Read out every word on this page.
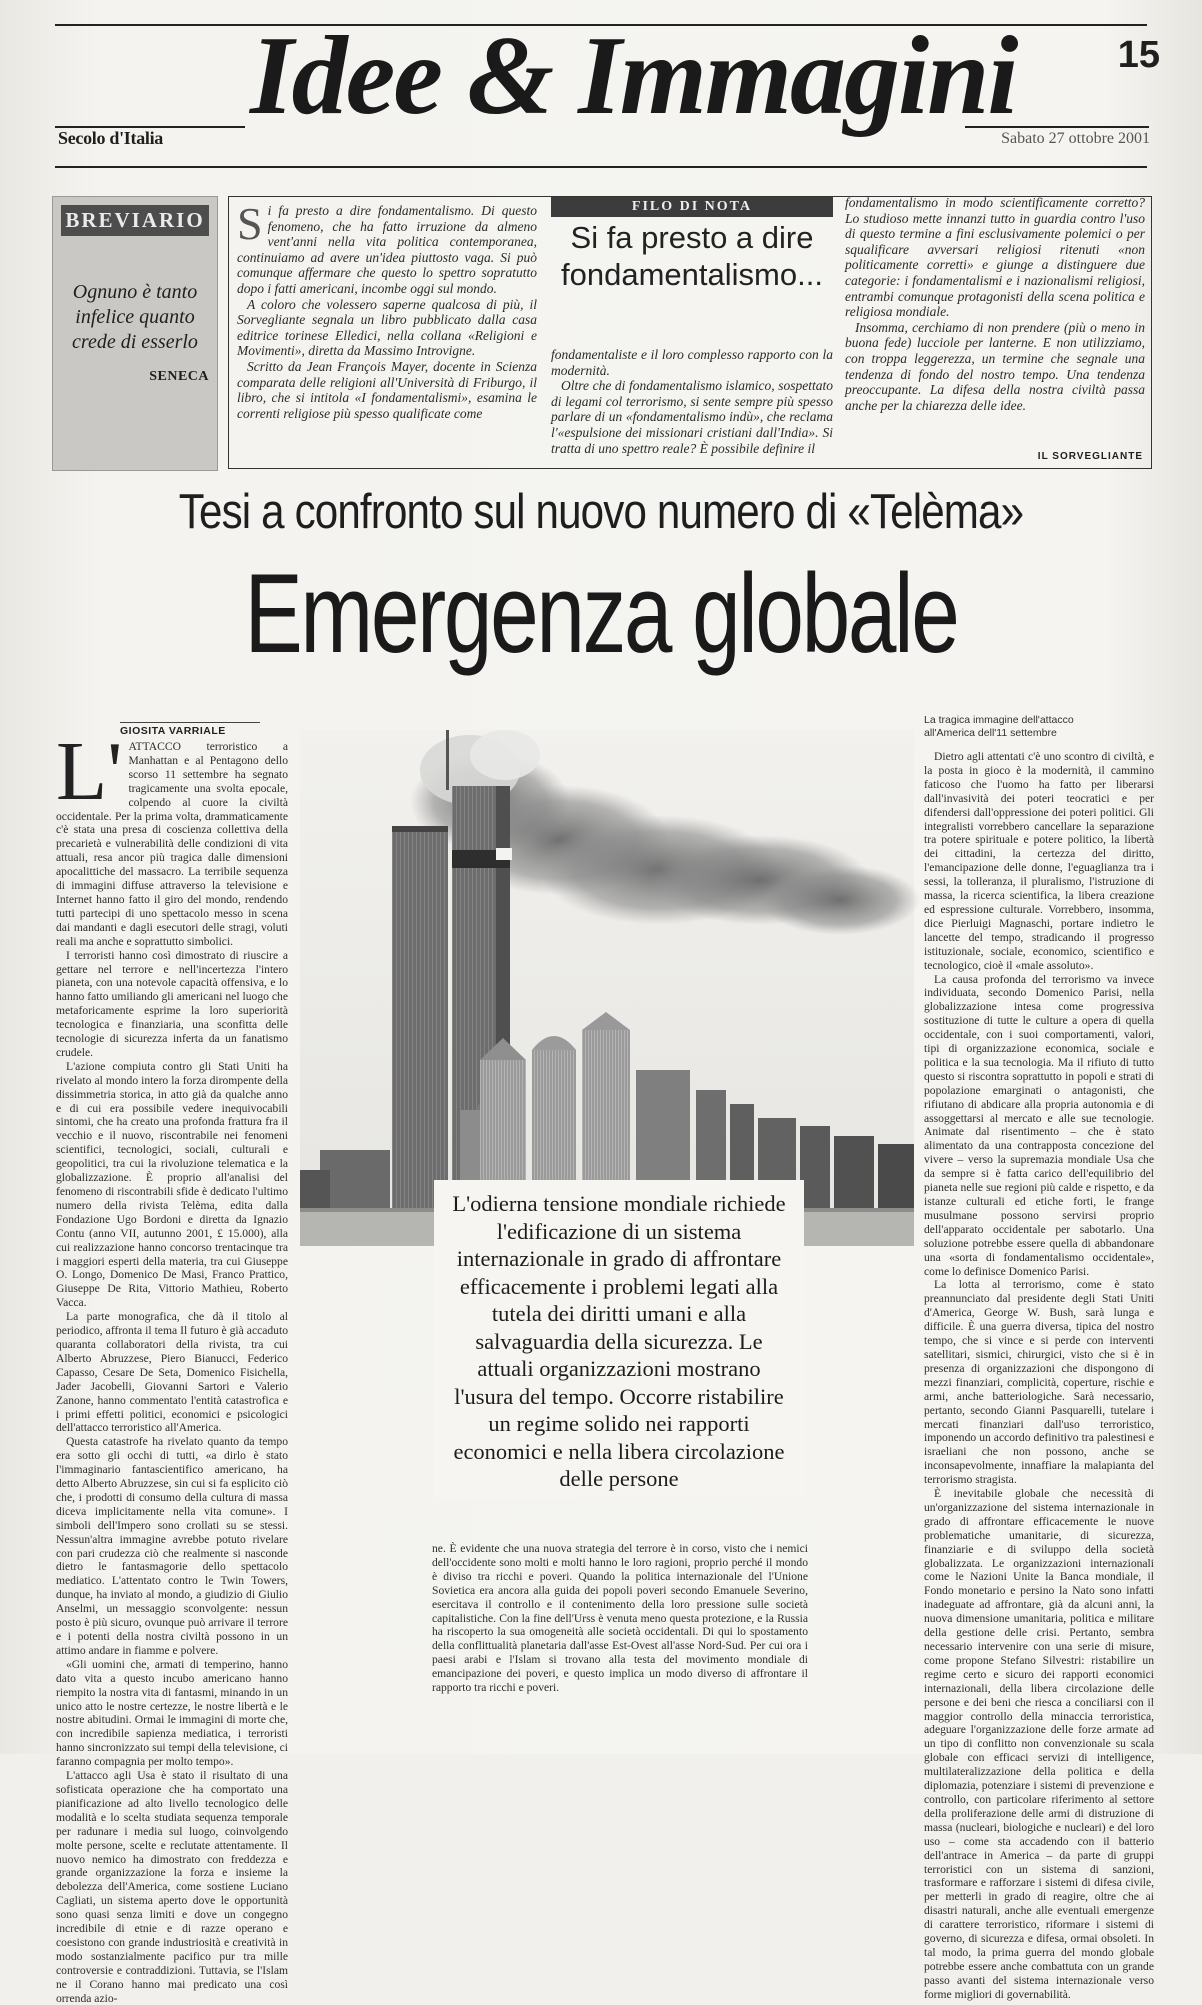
Idee & Immagini	15
Secolo d'Italia	Sabato 27 ottobre 2001
BREVIARIO
Ognuno è tanto infelice quanto crede di esserlo
SENECA
S i fa presto a dire fondamentalismo. Di questo fenomeno, che ha fatto irruzione da almeno vent'anni nella vita politica contemporanea, continuiamo ad avere un'idea piuttosto vaga. Si può comunque affermare che questo lo spettro sopratutto dopo i fatti americani, incombe oggi sul mondo.

A coloro che volessero saperne qualcosa di più, il Sorvegliante segnala un libro pubblicato dalla casa editrice torinese Elledici, nella collana «Religioni e Movimenti», diretta da Massimo Introvigne.

Scritto da Jean François Mayer, docente in Scienza comparata delle religioni all'Università di Friburgo, il libro, che si intitola «I fondamentalismi», esamina le correnti religiose più spesso qualificate come

FILO DI NOTA
Si fa presto a dire fondamentalismo...

fondamentaliste e il loro complesso rapporto con la modernità.

Oltre che di fondamentalismo islamico, sospettato di legami col terrorismo, si sente sempre più spesso parlare di un «fondamentalismo indù», che reclama l'«espulsione dei missionari cristiani dall'India». Si tratta di uno spettro reale? È possibile definire il

fondamentalismo in modo scientificamente corretto? Lo studioso mette innanzi tutto in guardia contro l'uso di questo termine a fini esclusivamente polemici o per squalificare avversari religiosi ritenuti «non politicamente corretti» e giunge a distinguere due categorie: i fondamentalismi e i nazionalismi religiosi, entrambi comunque protagonisti della scena politica e religiosa mondiale.

Insomma, cerchiamo di non prendere (più o meno in buona fede) lucciole per lanterne. E non utilizziamo, con troppa leggerezza, un termine che segnale una tendenza di fondo del nostro tempo. Una tendenza preoccupante. La difesa della nostra civiltà passa anche per la chiarezza delle idee.

IL SORVEGLIANTE
Tesi a confronto sul nuovo numero di «Telèma»
Emergenza globale
GIOSITA VARRIALE
L' ATTACCO terroristico a Manhattan e al Pentagono dello scorso 11 settembre ha segnato tragicamente una svolta epocale, colpendo al cuore la civiltà occidentale. Per la prima volta, drammaticamente c'è stata una presa di coscienza collettiva della precarietà e vulnerabilità delle condizioni di vita attuali, resa ancor più tragica dalle dimensioni apocalittiche del massacro. La terribile sequenza di immagini diffuse attraverso la televisione e Internet hanno fatto il giro del mondo, rendendo tutti partecipi di uno spettacolo messo in scena dai mandanti e dagli esecutori delle stragi, voluti reali ma anche e soprattutto simbolici.

I terroristi hanno così dimostrato di riuscire a gettare nel terrore e nell'incertezza l'intero pianeta, con una notevole capacità offensiva, e lo hanno fatto umiliando gli americani nel luogo che metaforicamente esprime la loro superiorità tecnologica e finanziaria, una sconfitta delle tecnologie di sicurezza inferta da un fanatismo crudele.

L'azione compiuta contro gli Stati Uniti ha rivelato al mondo intero la forza dirompente della dissimmetria storica, in atto già da qualche anno e di cui era possibile vedere inequivocabili sintomi, che ha creato una profonda frattura fra il vecchio e il nuovo, riscontrabile nei fenomeni scientifici, tecnologici, sociali, culturali e geopolitici, tra cui la rivoluzione telematica e la globalizzazione. È proprio all'analisi del fenomeno di riscontrabili sfide è dedicato l'ultimo numero della rivista Telèma, edita dalla Fondazione Ugo Bordoni e diretta da Ignazio Contu (anno VII, autunno 2001, £ 15.000), alla cui realizzazione hanno concorso trentacinque tra i maggiori esperti della materia, tra cui Giuseppe O. Longo, Domenico De Masi, Franco Prattico, Giuseppe De Rita, Vittorio Mathieu, Roberto Vacca.

La parte monografica, che dà il titolo al periodico, affronta il tema Il futuro è già accaduto quaranta collaboratori della rivista, tra cui Alberto Abruzzese, Piero Bianucci, Federico Capasso, Cesare De Seta, Domenico Fisichella, Jader Jacobelli, Giovanni Sartori e Valerio Zanone, hanno commentato l'entità catastrofica e i primi effetti politici, economici e psicologici dell'attacco terroristico all'America.

Questa catastrofe ha rivelato quanto da tempo era sotto gli occhi di tutti, «a dirlo è stato l'immaginario fantascientifico americano, ha detto Alberto Abruzzese, sin cui si fa esplicito ciò che, i prodotti di consumo della cultura di massa diceva implicitamente nella vita comune». I simboli dell'Impero sono crollati su se stessi. Nessun'altra immagine avrebbe potuto rivelare con pari crudezza ciò che realmente si nasconde dietro le fantasmagorie dello spettacolo mediatico. L'attentato contro le Twin Towers, dunque, ha inviato al mondo, a giudizio di Giulio Anselmi, un messaggio sconvolgente: nessun posto è più sicuro, ovunque può arrivare il terrore e i potenti della nostra civiltà possono in un attimo andare in fiamme e polvere.

«Gli uomini che, armati di temperino, hanno dato vita a questo incubo americano hanno riempito la nostra vita di fantasmi, minando in un unico atto le nostre certezze, le nostre libertà e le nostre abitudini. Ormai le immagini di morte che, con incredibile sapienza mediatica, i terroristi hanno sincronizzato sui tempi della televisione, ci faranno compagnia per molto tempo».

L'attacco agli Usa è stato il risultato di una sofisticata operazione che ha comportato una pianificazione ad alto livello tecnologico delle modalità e lo scelta studiata sequenza temporale per radunare i media sul luogo, coinvolgendo molte persone, scelte e reclutate attentamente. Il nuovo nemico ha dimostrato con freddezza e grande organizzazione la forza e insieme la debolezza dell'America, come sostiene Luciano Cagliati, un sistema aperto dove le opportunità sono quasi senza limiti e dove un congegno incredibile di etnie e di razze operano e coesistono con grande industriosità e creatività in modo sostanzialmente pacifico pur tra mille controversie e contraddizioni. Tuttavia, se l'Islam ne il Corano hanno mai predicato una così orrenda azio-

La tragica immagine dell'attacco all'America dell'11 settembre

Dietro agli attentati c'è uno scontro di civiltà, e la posta in gioco è la modernità, il cammino faticoso che l'uomo ha fatto per liberarsi dall'invasività dei poteri teocratici e per difendersi dall'oppressione dei poteri politici. Gli integralisti vorrebbero cancellare la separazione tra potere spirituale e potere politico, la libertà dei cittadini, la certezza del diritto, l'emancipazione delle donne, l'eguaglianza tra i sessi, la tolleranza, il pluralismo, l'istruzione di massa, la ricerca scientifica, la libera creazione ed espressione culturale. Vorrebbero, insomma, dice Pierluigi Magnaschi, portare indietro le lancette del tempo, stradicando il progresso istituzionale, sociale, economico, scientifico e tecnologico, cioè il «male assoluto».

La causa profonda del terrorismo va invece individuata, secondo Domenico Parisi, nella globalizzazione intesa come progressiva sostituzione di tutte le culture a opera di quella occidentale, con i suoi comportamenti, valori, tipi di organizzazione economica, sociale e politica e la sua tecnologia. Ma il rifiuto di tutto questo si riscontra soprattutto in popoli e strati di popolazione emarginati o antagonisti, che rifiutano di abdicare alla propria autonomia e di assoggettarsi al mercato e alle sue tecnologie. Animate dal risentimento – che è stato alimentato da una contrapposta concezione del vivere – verso la supremazia mondiale Usa che da sempre si è fatta carico dell'equilibrio del pianeta nelle sue regioni più calde e rispetto, e da istanze culturali ed etiche forti, le frange musulmane possono servirsi proprio dell'apparato occidentale per sabotarlo. Una soluzione potrebbe essere quella di abbandonare una «sorta di fondamentalismo occidentale», come lo definisce Domenico Parisi.

La lotta al terrorismo, come è stato preannunciato dal presidente degli Stati Uniti d'America, George W. Bush, sarà lunga e difficile. È una guerra diversa, tipica del nostro tempo, che si vince e si perde con interventi satellitari, sismici, chirurgici, visto che si è in presenza di organizzazioni che dispongono di mezzi finanziari, complicità, coperture, rischie e armi, anche batteriologiche. Sarà necessario, pertanto, secondo Gianni Pasquarelli, tutelare i mercati finanziari dall'uso terroristico, imponendo un accordo definitivo tra palestinesi e israeliani che non possono, anche se inconsapevolmente, innaffiare la malapianta del terrorismo stragista.

È inevitabile globale che necessità di un'organizzazione del sistema internazionale in grado di affrontare efficacemente le nuove problematiche umanitarie, di sicurezza, finanziarie e di sviluppo della società globalizzata. Le organizzazioni internazionali come le Nazioni Unite la Banca mondiale, il Fondo monetario e persino la Nato sono infatti inadeguate ad affrontare, già da alcuni anni, la nuova dimensione umanitaria, politica e militare della gestione delle crisi. Pertanto, sembra necessario intervenire con una serie di misure, come propone Stefano Silvestri: ristabilire un regime certo e sicuro dei rapporti economici internazionali, della libera circolazione delle persone e dei beni che riesca a conciliarsi con il maggior controllo della minaccia terroristica, adeguare l'organizzazione delle forze armate ad un tipo di conflitto non convenzionale su scala globale con efficaci servizi di intelligence, multilateralizzazione della politica e della diplomazia, potenziare i sistemi di prevenzione e controllo, con particolare riferimento al settore della proliferazione delle armi di distruzione di massa (nucleari, biologiche e nucleari) e del loro uso – come sta accadendo con il batterio dell'antrace in America – da parte di gruppi terroristici con un sistema di sanzioni, trasformare e rafforzare i sistemi di difesa civile, per metterli in grado di reagire, oltre che ai disastri naturali, anche alle eventuali emergenze di carattere terroristico, riformare i sistemi di governo, di sicurezza e difesa, ormai obsoleti. In tal modo, la prima guerra del mondo globale potrebbe essere anche combattuta con un grande passo avanti del sistema internazionale verso forme migliori di governabilità.

L'odierna tensione mondiale richiede l'edificazione di un sistema internazionale in grado di affrontare efficacemente i problemi legati alla tutela dei diritti umani e alla salvaguardia della sicurezza. Le attuali organizzazioni mostrano l'usura del tempo. Occorre ristabilire un regime solido nei rapporti economici e nella libera circolazione delle persone

ne. È evidente che una nuova strategia del terrore è in corso, visto che i nemici dell'occidente sono molti e molti hanno le loro ragioni, proprio perché il mondo è diviso tra ricchi e poveri. Quando la politica internazionale del l'Unione Sovietica era ancora alla guida dei popoli poveri secondo Emanuele Severino, esercitava il controllo e il contenimento della loro pressione sulle società capitalistiche. Con la fine dell'Urss è venuta meno questa protezione, e la Russia ha riscoperto la sua omogeneità alle società occidentali. Di qui lo spostamento della conflittualità planetaria dall'asse Est-Ovest all'asse Nord-Sud. Per cui ora i paesi arabi e l'Islam si trovano alla testa del movimento mondiale di emancipazione dei poveri, e questo implica un modo diverso di affrontare il rapporto tra ricchi e poveri.
